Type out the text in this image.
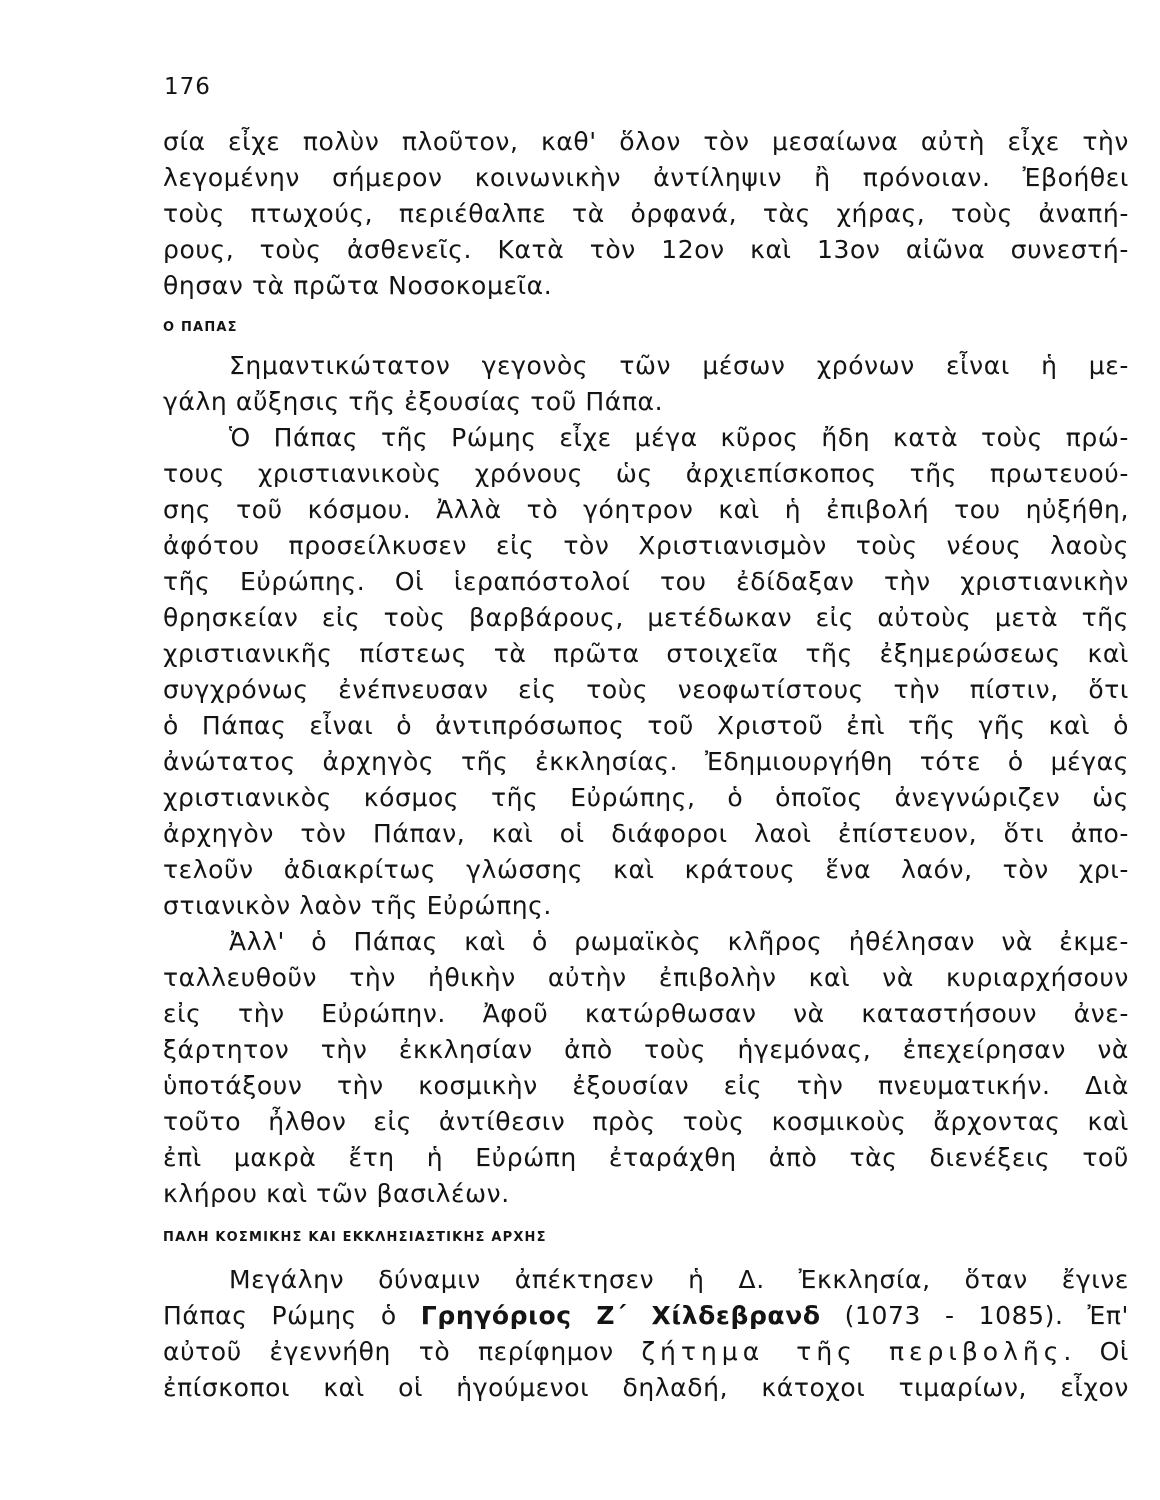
176
σία εἶχε πολὺν πλοῦτον, καθ' ὅλον τὸν μεσαίωνα αὐτὴ εἶχε τὴν
λεγομένην σήμερον κοινωνικὴν ἀντίληψιν ἢ πρόνοιαν. Ἐβοήθει
τοὺς πτωχούς, περιέθαλπε τὰ ὀρφανά, τὰς χήρας, τοὺς ἀναπή-
ρους, τοὺς ἀσθενεῖς. Κατὰ τὸν 12ον καὶ 13ον αἰῶνα συνεστή-
θησαν τὰ πρῶτα Νοσοκομεῖα.
Ο ΠΑΠΑΣ
Σημαντικώτατον γεγονὸς τῶν μέσων χρόνων εἶναι ἡ με-
γάλη αὔξησις τῆς ἐξουσίας τοῦ Πάπα.
Ὁ Πάπας τῆς Ρώμης εἶχε μέγα κῦρος ἤδη κατὰ τοὺς πρώ-
τους χριστιανικοὺς χρόνους ὡς ἀρχιεπίσκοπος τῆς πρωτευού-
σης τοῦ κόσμου. Ἀλλὰ τὸ γόητρον καὶ ἡ ἐπιβολή του ηὐξήθη,
ἀφότου προσείλκυσεν εἰς τὸν Χριστιανισμὸν τοὺς νέους λαοὺς
τῆς Εὐρώπης. Οἱ ἱεραπόστολοί του ἐδίδαξαν τὴν χριστιανικὴν
θρησκείαν εἰς τοὺς βαρβάρους, μετέδωκαν εἰς αὐτοὺς μετὰ τῆς
χριστιανικῆς πίστεως τὰ πρῶτα στοιχεῖα τῆς ἐξημερώσεως καὶ
συγχρόνως ἐνέπνευσαν εἰς τοὺς νεοφωτίστους τὴν πίστιν, ὅτι
ὁ Πάπας εἶναι ὁ ἀντιπρόσωπος τοῦ Χριστοῦ ἐπὶ τῆς γῆς καὶ ὁ
ἀνώτατος ἀρχηγὸς τῆς ἐκκλησίας. Ἐδημιουργήθη τότε ὁ μέγας
χριστιανικὸς κόσμος τῆς Εὐρώπης, ὁ ὁποῖος ἀνεγνώριζεν ὡς
ἀρχηγὸν τὸν Πάπαν, καὶ οἱ διάφοροι λαοὶ ἐπίστευον, ὅτι ἀπο-
τελοῦν ἀδιακρίτως γλώσσης καὶ κράτους ἕνα λαόν, τὸν χρι-
στιανικὸν λαὸν τῆς Εὐρώπης.
Ἀλλ' ὁ Πάπας καὶ ὁ ρωμαϊκὸς κλῆρος ἠθέλησαν νὰ ἐκμε-
ταλλευθοῦν τὴν ἠθικὴν αὐτὴν ἐπιβολὴν καὶ νὰ κυριαρχήσουν
εἰς τὴν Εὐρώπην. Ἀφοῦ κατώρθωσαν νὰ καταστήσουν ἀνε-
ξάρτητον τὴν ἐκκλησίαν ἀπὸ τοὺς ἡγεμόνας, ἐπεχείρησαν νὰ
ὑποτάξουν τὴν κοσμικὴν ἐξουσίαν εἰς τὴν πνευματικήν. Διὰ
τοῦτο ἦλθον εἰς ἀντίθεσιν πρὸς τοὺς κοσμικοὺς ἄρχοντας καὶ
ἐπὶ μακρὰ ἔτη ἡ Εὐρώπη ἐταράχθη ἀπὸ τὰς διενέξεις τοῦ
κλήρου καὶ τῶν βασιλέων.
ΠΑΛΗ ΚΟΣΜΙΚΗΣ ΚΑΙ ΕΚΚΛΗΣΙΑΣΤΙΚΗΣ ΑΡΧΗΣ
Μεγάλην δύναμιν ἀπέκτησεν ἡ Δ. Ἐκκλησία, ὅταν ἔγινε
Πάπας Ρώμης ὁ Γρηγόριος Ζ΄ Χίλδεβρανδ (1073 - 1085). Ἐπ'
αὐτοῦ ἐγεννήθη τὸ περίφημον ζήτημα τῆς περιβολῆς. Οἱ
ἐπίσκοποι καὶ οἱ ἡγούμενοι δηλαδή, κάτοχοι τιμαρίων, εἶχον
